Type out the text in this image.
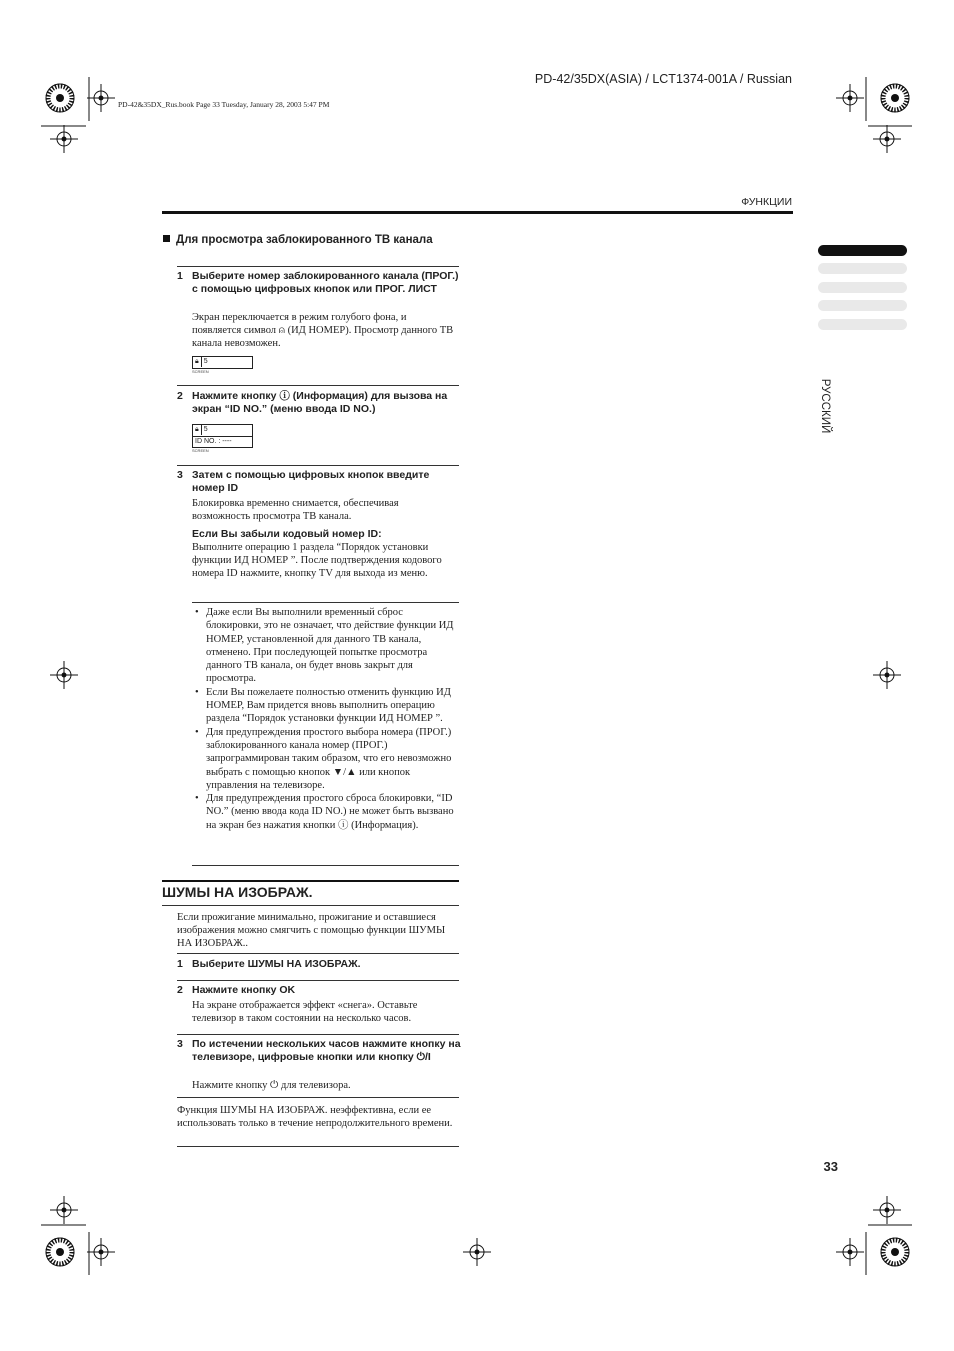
PD-42/35DX(ASIA) / LCT1374-001A / Russian
PD-42&35DX_Rus.book Page 33 Tuesday, January 28, 2003 5:47 PM
ФУНКЦИИ
РУССКИЙ
Для просмотра заблокированного ТВ канала
1 Выберите номер заблокированного канала (ПРОГ.) с помощью цифровых кнопок или ПРОГ. ЛИСТ
Экран переключается в режим голубого фона, и появляется символ ⍝ (ИД НОМЕР). Просмотр данного ТВ канала невозможен.
🔒︎ 5
SCREEN
2 Нажмите кнопку ⓘ (Информация) для вызова на экран “ID NO.” (меню ввода ID NO.)
🔒︎ 5
ID NO. : ----
SCREEN
3 Затем с помощью цифровых кнопок введите номер ID
Блокировка временно снимается, обеспечивая возможность просмотра ТВ канала.
Если Вы забыли кодовый номер ID:
Выполните операцию 1 раздела “Порядок установки функции ИД НОМЕР ”. После подтверждения кодового номера ID нажмите, кнопку TV для выхода из меню.

• Даже если Вы выполнили временный сброс блокировки, это не означает, что действие функции ИД НОМЕР, установленной для данного ТВ канала, отменено. При последующей попытке просмотра данного ТВ канала, он будет вновь закрыт для просмотра.

• Если Вы пожелаете полностью отменить функцию ИД НОМЕР, Вам придется вновь выполнить операцию раздела “Порядок установки функции ИД НОМЕР ”.

• Для предупреждения простого выбора номера (ПРОГ.) заблокированного канала номер (ПРОГ.) запрограммирован таким образом, что его невозможно выбрать с помощью кнопок ▼/▲ или кнопок управления на телевизоре.

• Для предупреждения простого сброса блокировки, “ID NO.” (меню ввода кода ID NO.) не может быть вызвано на экран без нажатия кнопки ⓘ (Информация).

ШУМЫ НА ИЗОБРАЖ.
Если прожигание минимально, прожигание и оставшиеся изображения можно смягчить с помощью функции ШУМЫ НА ИЗОБРАЖ..
1 Выберите ШУМЫ НА ИЗОБРАЖ.
2 Нажмите кнопку OK
На экране отображается эффект «снега». Оставьте телевизор в таком состоянии на несколько часов.
3 По истечении нескольких часов нажмите кнопку на телевизоре, цифровые кнопки или кнопку ⏻/I
Нажмите кнопку ⏻ для телевизора.
Функция ШУМЫ НА ИЗОБРАЖ. неэффективна, если ее использовать только в течение непродолжительного времени.
33
